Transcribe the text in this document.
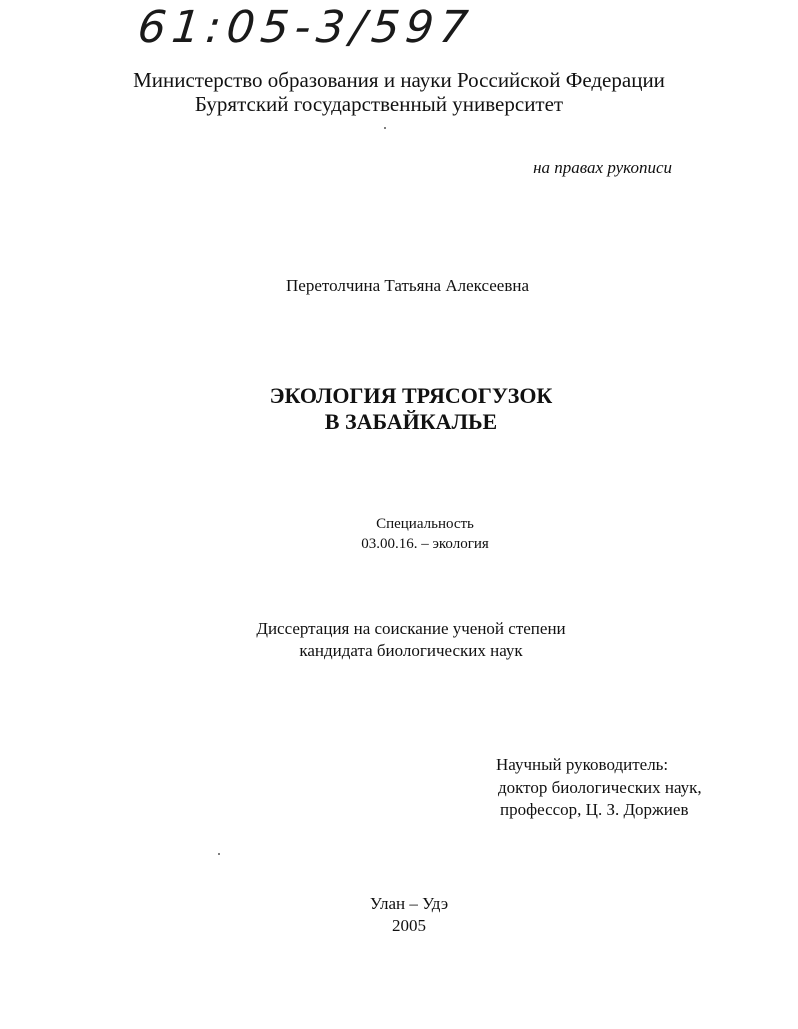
61:05-3/597
Министерство образования и науки Российской Федерации
Бурятский государственный университет
на правах рукописи
Перетолчина Татьяна Алексеевна
ЭКОЛОГИЯ ТРЯСОГУЗОК
В ЗАБАЙКАЛЬЕ
Специальность
03.00.16. – экология
Диссертация на соискание ученой степени
кандидата биологических наук
Научный руководитель:
доктор биологических наук,
профессор, Ц. З. Доржиев
Улан – Удэ
2005
